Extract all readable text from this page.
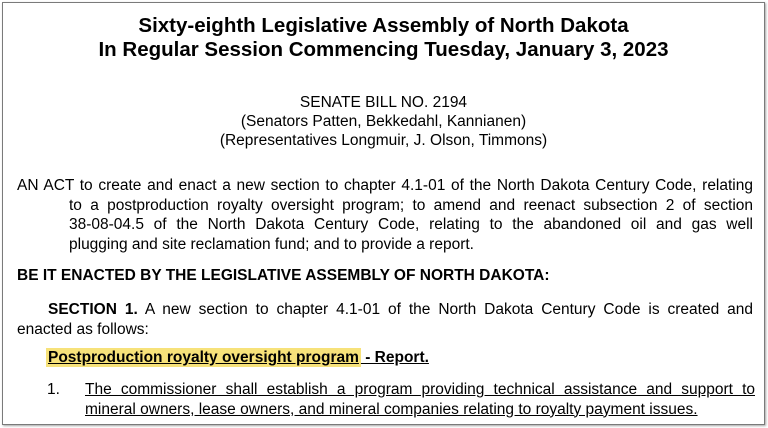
Sixty-eighth Legislative Assembly of North Dakota
In Regular Session Commencing Tuesday, January 3, 2023
SENATE BILL NO. 2194
(Senators Patten, Bekkedahl, Kannianen)
(Representatives Longmuir, J. Olson, Timmons)
AN ACT to create and enact a new section to chapter 4.1-01 of the North Dakota Century Code, relating
to a postproduction royalty oversight program; to amend and reenact subsection 2 of section
38-08-04.5 of the North Dakota Century Code, relating to the abandoned oil and gas well
plugging and site reclamation fund; and to provide a report.
BE IT ENACTED BY THE LEGISLATIVE ASSEMBLY OF NORTH DAKOTA:
SECTION 1. A new section to chapter 4.1-01 of the North Dakota Century Code is created and
enacted as follows:
Postproduction royalty oversight program - Report.
1. The commissioner shall establish a program providing technical assistance and support to
mineral owners, lease owners, and mineral companies relating to royalty payment issues.
